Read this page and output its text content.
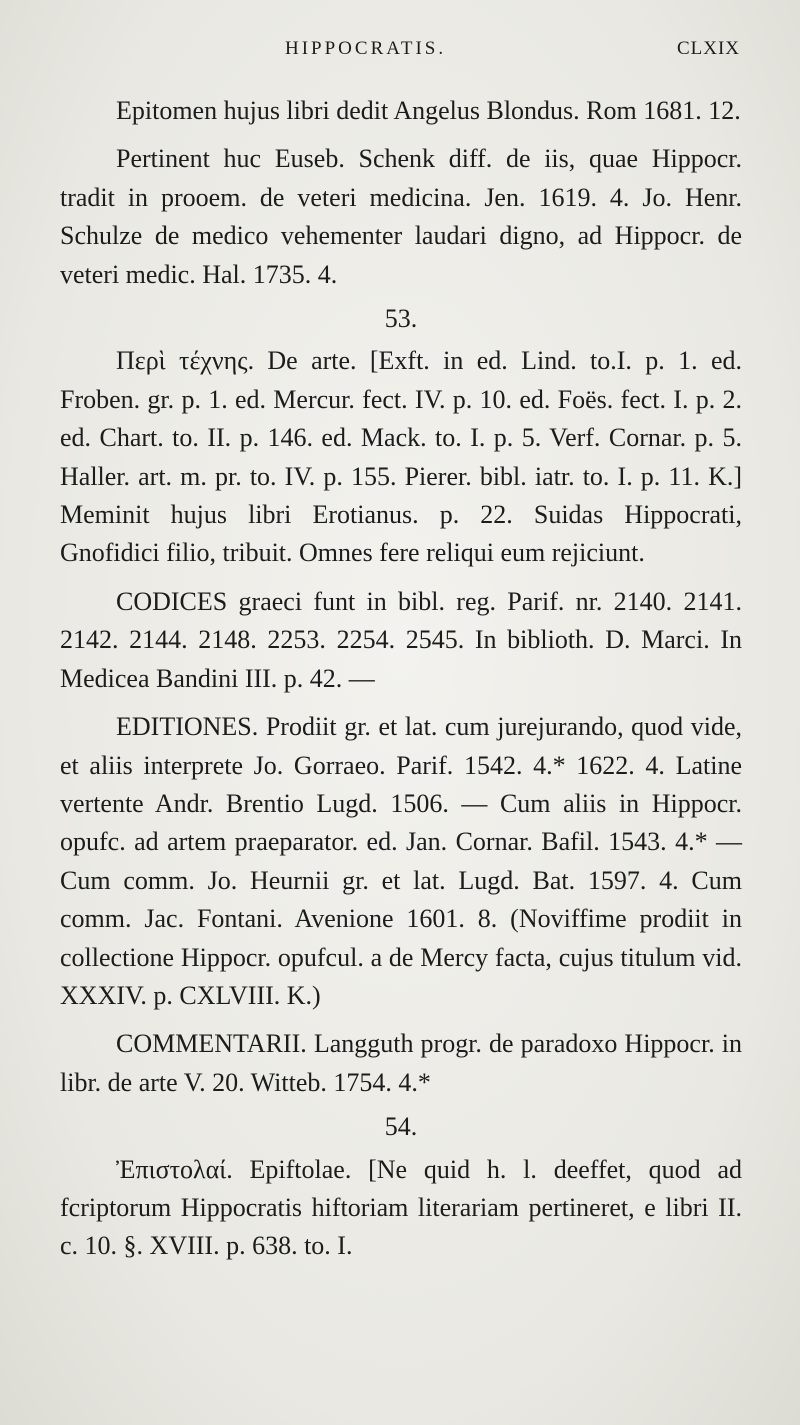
HIPPOCRATIS.	CLXIX

Epitomen hujus libri dedit Angelus Blondus. Rom 1681. 12.

Pertinent huc Euseb. Schenk diff. de iis, quae Hippocr. tradit in prooem. de veteri medicina. Jen. 1619. 4. Jo. Henr. Schulze de medico vehementer laudari digno, ad Hippocr. de veteri medic. Hal. 1735. 4.

53.

Περὶ τέχνης. De arte. [Exft. in ed. Lind. to.I. p. 1. ed. Froben. gr. p. 1. ed. Mercur. fect. IV. p. 10. ed. Foës. fect. I. p. 2. ed. Chart. to. II. p. 146. ed. Mack. to. I. p. 5. Verf. Cornar. p. 5. Haller. art. m. pr. to. IV. p. 155. Pierer. bibl. iatr. to. I. p. 11. K.] Meminit hujus libri Erotianus. p. 22. Suidas Hippocrati, Gnofidici filio, tribuit. Omnes fere reliqui eum rejiciunt.

CODICES graeci funt in bibl. reg. Parif. nr. 2140. 2141. 2142. 2144. 2148. 2253. 2254. 2545. In biblioth. D. Marci. In Medicea Bandini III. p. 42. —

EDITIONES. Prodiit gr. et lat. cum jurejurando, quod vide, et aliis interprete Jo. Gorraeo. Parif. 1542. 4.* 1622. 4. Latine vertente Andr. Brentio Lugd. 1506. — Cum aliis in Hippocr. opufc. ad artem praeparator. ed. Jan. Cornar. Bafil. 1543. 4.* — Cum comm. Jo. Heurnii gr. et lat. Lugd. Bat. 1597. 4. Cum comm. Jac. Fontani. Avenione 1601. 8. (Noviffime prodiit in collectione Hippocr. opufcul. a de Mercy facta, cujus titulum vid. XXXIV. p. CXLVIII. K.)

COMMENTARII. Langguth progr. de paradoxo Hippocr. in libr. de arte V. 20. Witteb. 1754. 4.*

54.

Ἐπιστολαί. Epiftolae. [Ne quid h. l. deeffet, quod ad fcriptorum Hippocratis hiftoriam literariam pertineret, e libri II. c. 10. §. XVIII. p. 638. to. I.
